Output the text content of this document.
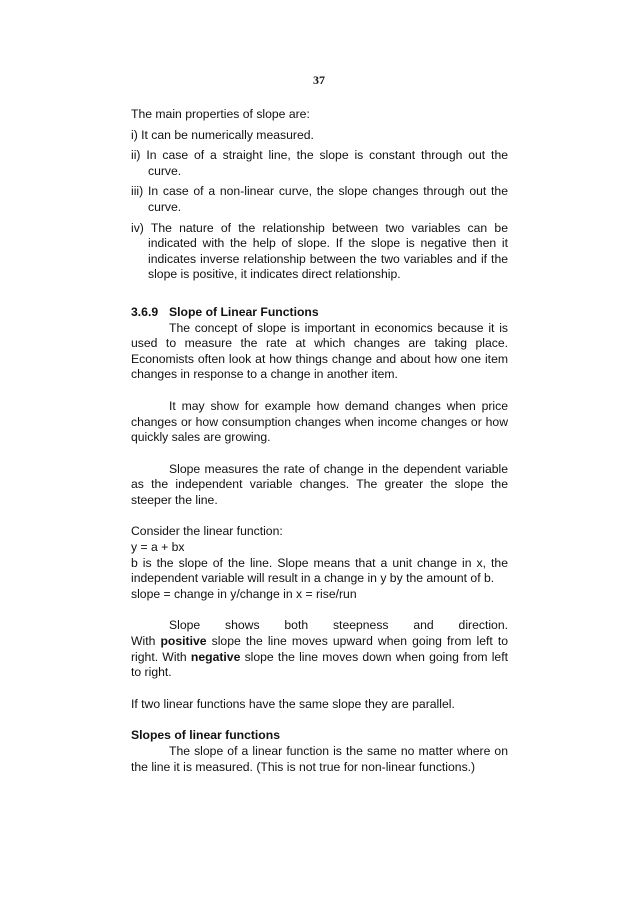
37

The main properties of slope are:

i) It can be numerically measured.

ii) In case of a straight line, the slope is constant through out the curve.

iii) In case of a non-linear curve, the slope changes through out the curve.

iv) The nature of the relationship between two variables can be indicated with the help of slope. If the slope is negative then it indicates inverse relationship between the two variables and if the slope is positive, it indicates direct relationship.

3.6.9 Slope of Linear Functions

The concept of slope is important in economics because it is used to measure the rate at which changes are taking place. Economists often look at how things change and about how one item changes in response to a change in another item.

It may show for example how demand changes when price changes or how consumption changes when income changes or how quickly sales are growing.

Slope measures the rate of change in the dependent variable as the independent variable changes. The greater the slope the steeper the line.

Consider the linear function:

y = a + bx

b is the slope of the line. Slope means that a unit change in x, the independent variable will result in a change in y by the amount of b.

slope = change in y/change in x = rise/run

Slope shows both steepness and direction.
With positive slope the line moves upward when going from left to right. With negative slope the line moves down when going from left to right.

If two linear functions have the same slope they are parallel.

Slopes of linear functions

The slope of a linear function is the same no matter where on the line it is measured. (This is not true for non-linear functions.)
